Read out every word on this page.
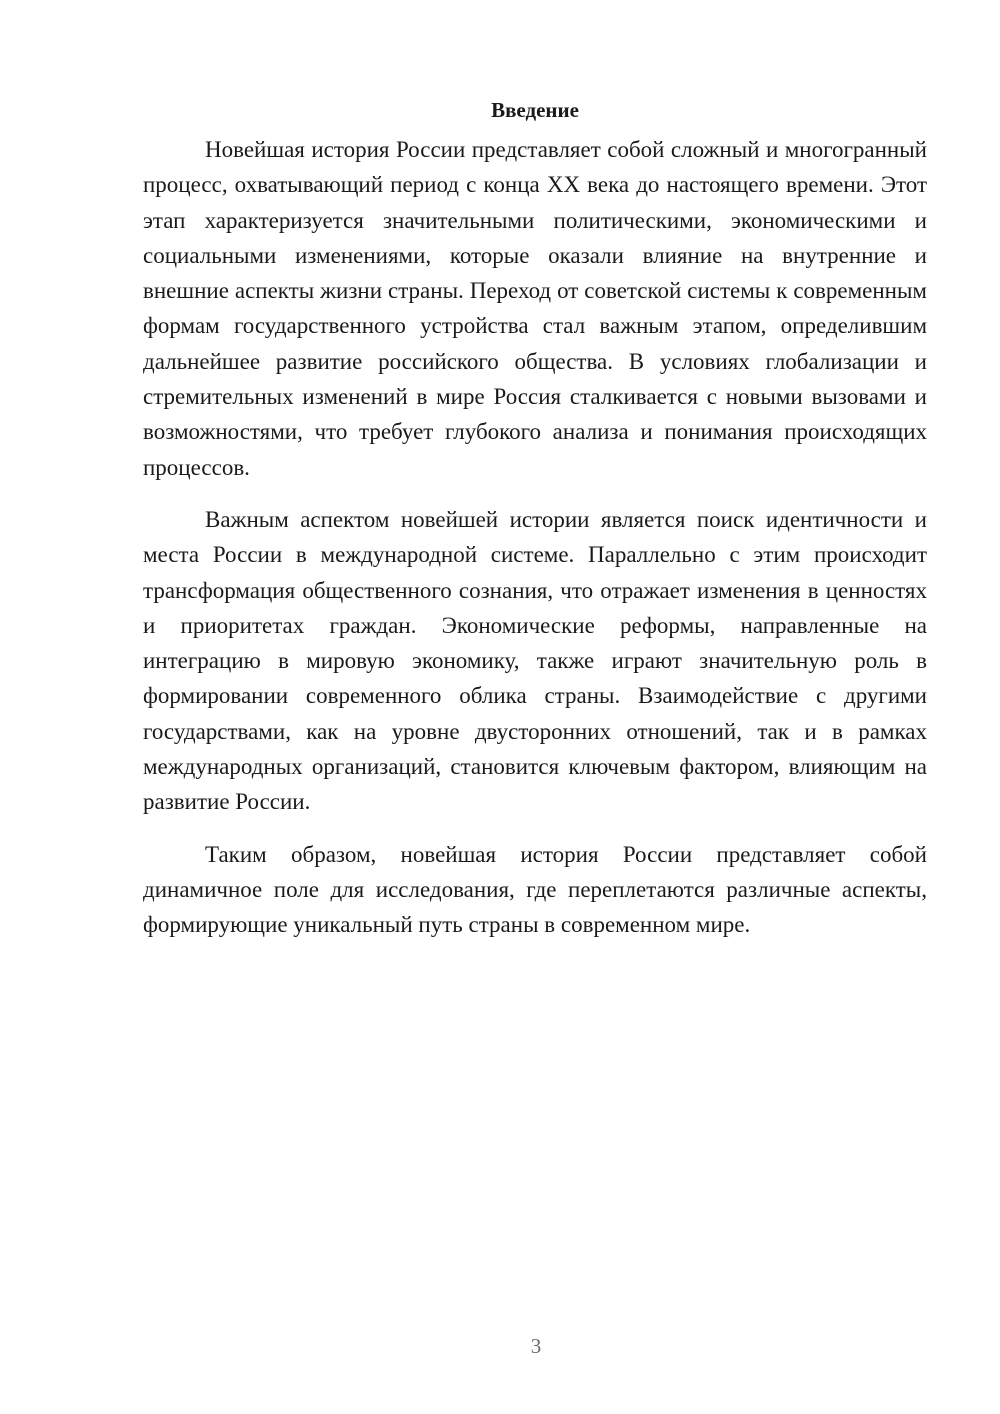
Введение

Новейшая история России представляет собой сложный и многогранный процесс, охватывающий период с конца XX века до настоящего времени. Этот этап характеризуется значительными политическими, экономическими и социальными изменениями, которые оказали влияние на внутренние и внешние аспекты жизни страны. Переход от советской системы к современным формам государственного устройства стал важным этапом, определившим дальнейшее развитие российского общества. В условиях глобализации и стремительных изменений в мире Россия сталкивается с новыми вызовами и возможностями, что требует глубокого анализа и понимания происходящих процессов.

Важным аспектом новейшей истории является поиск идентичности и места России в международной системе. Параллельно с этим происходит трансформация общественного сознания, что отражает изменения в ценностях и приоритетах граждан. Экономические реформы, направленные на интеграцию в мировую экономику, также играют значительную роль в формировании современного облика страны. Взаимодействие с другими государствами, как на уровне двусторонних отношений, так и в рамках международных организаций, становится ключевым фактором, влияющим на развитие России.

Таким образом, новейшая история России представляет собой динамичное поле для исследования, где переплетаются различные аспекты, формирующие уникальный путь страны в современном мире.

3
